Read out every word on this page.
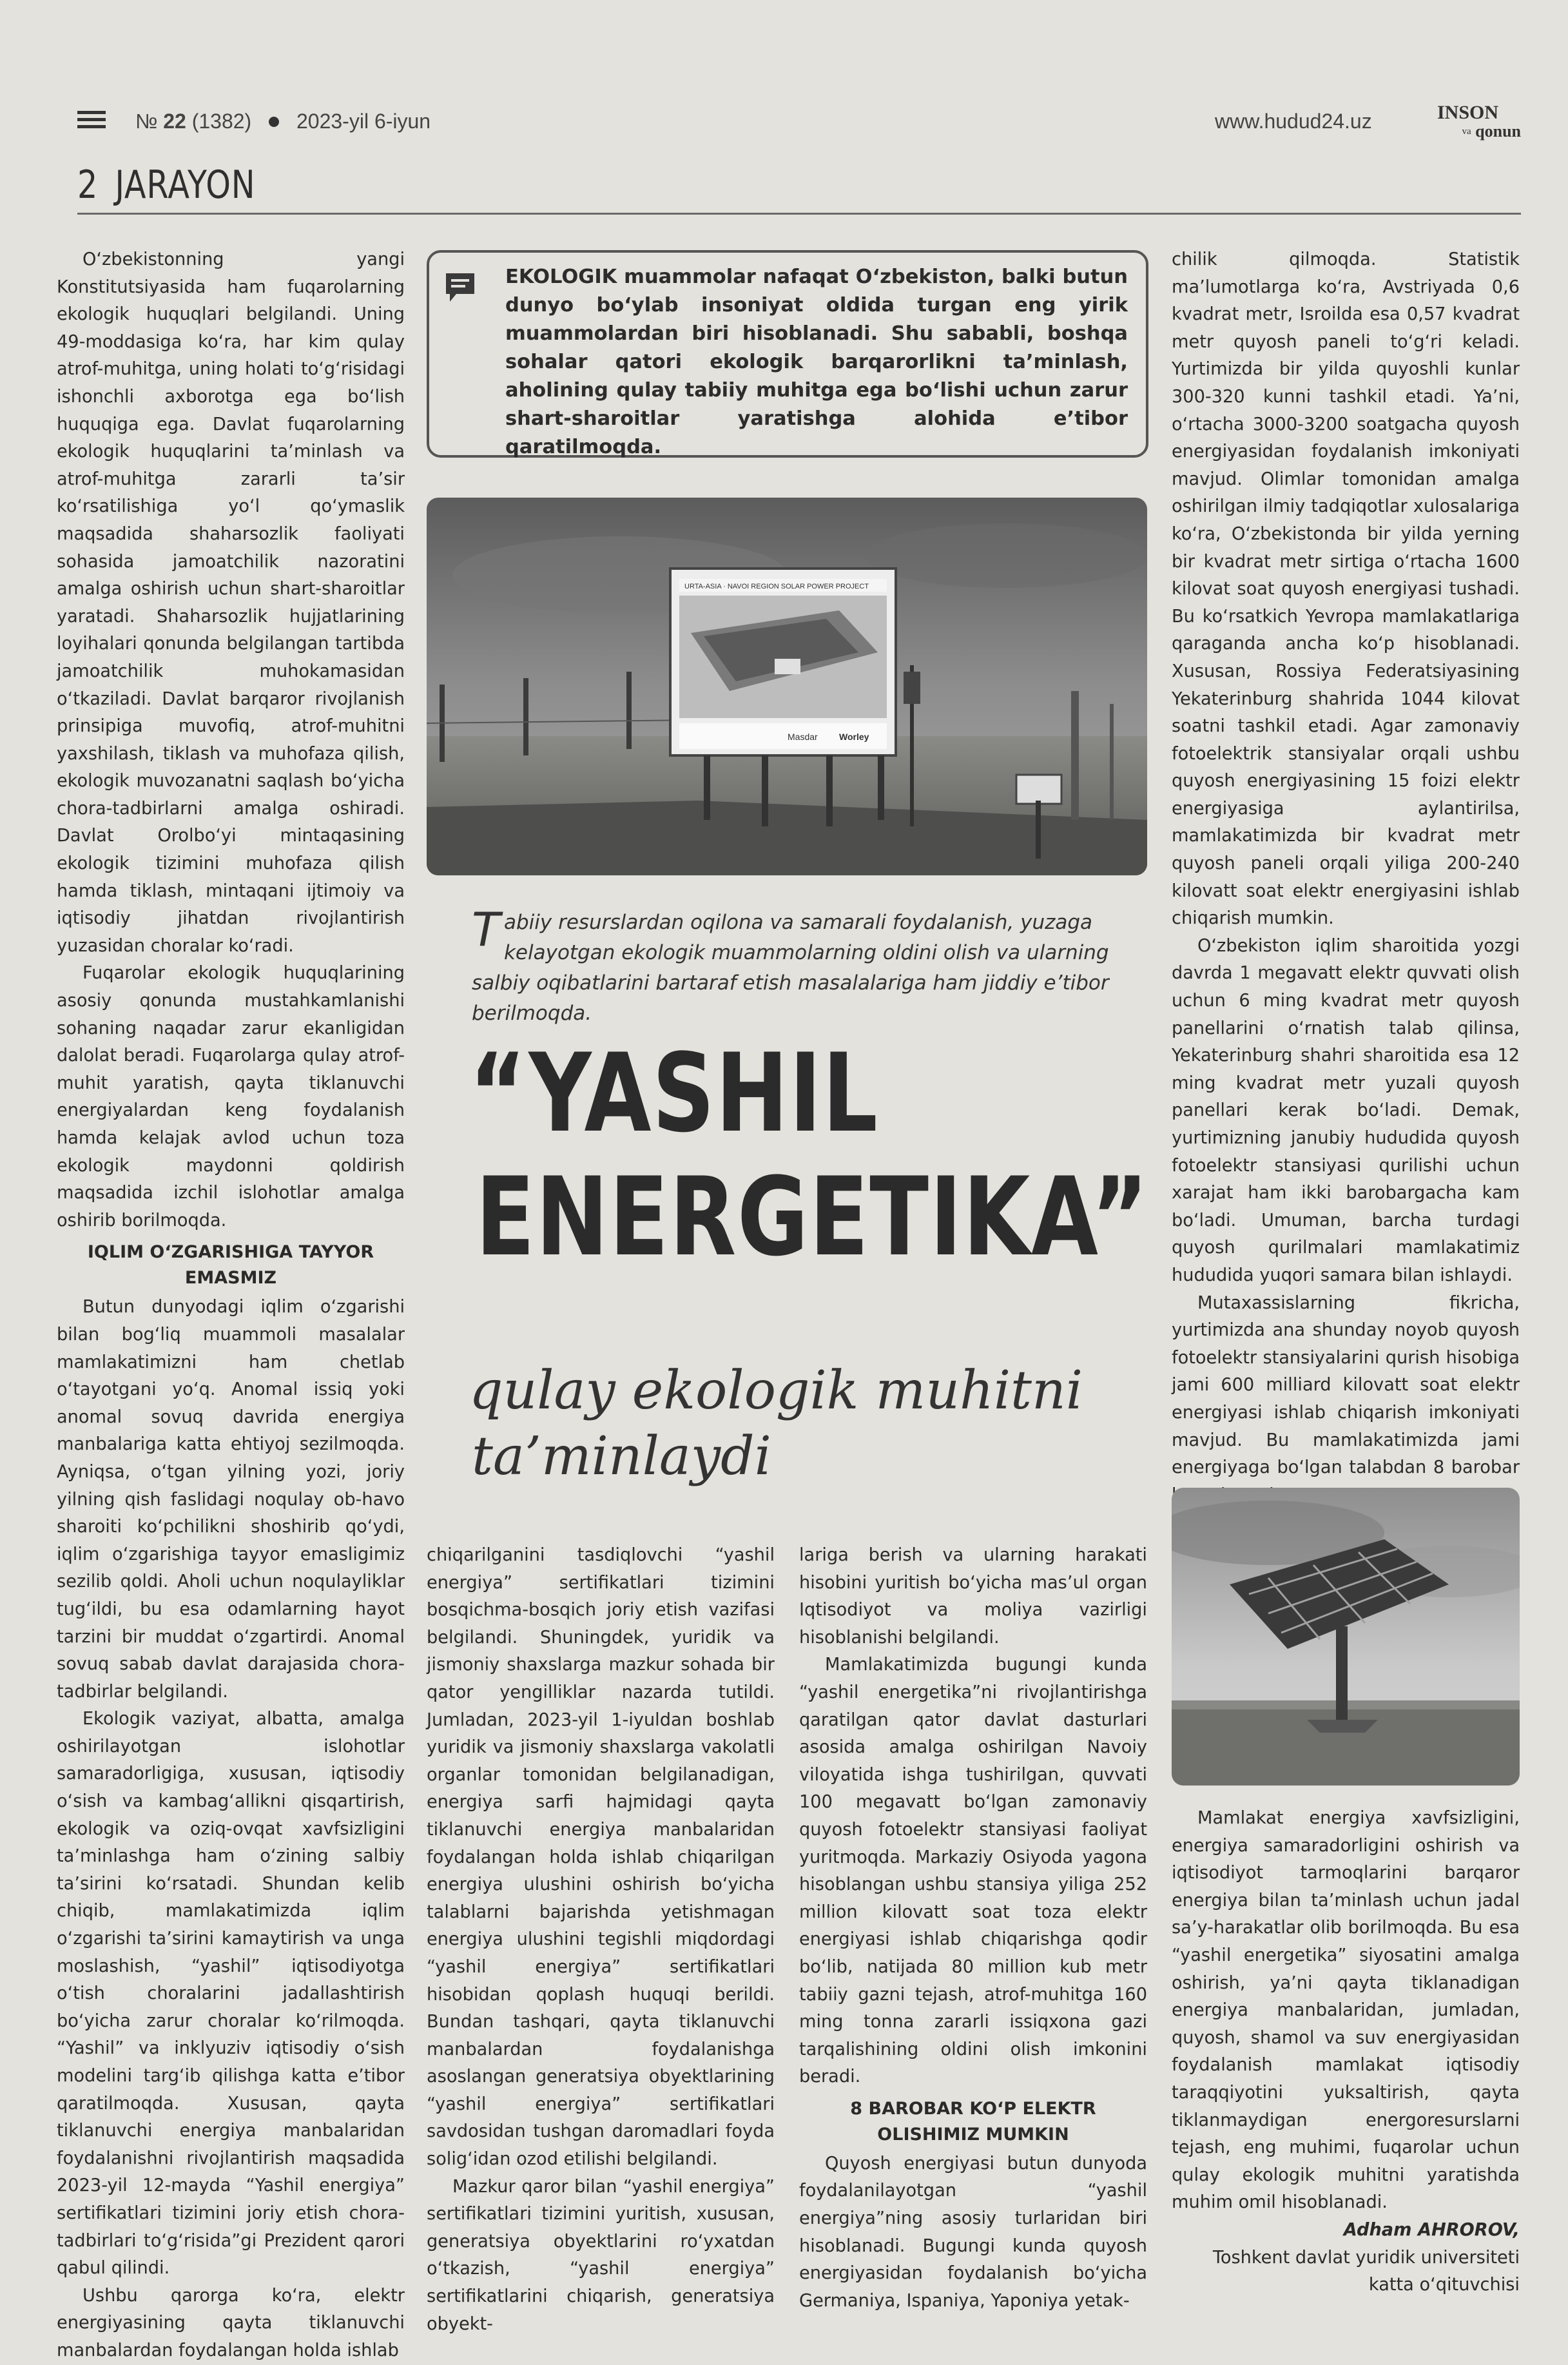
№ 22 (1382) 2023-yil 6-iyun	www.hudud24.uz	INSON
$^{va}$ qonun
2 JARAYON

O‘zbekistonning yangi Konstitutsiyasida ham fuqarolarning ekologik huquqlari belgilandi. Uning 49-moddasiga ko‘ra, har kim qulay atrof-muhitga, uning holati to‘g‘risidagi ishonchli axborotga ega bo‘lish huquqiga ega. Davlat fuqarolarning ekologik huquqlarini ta’minlash va atrof-muhitga zararli ta’sir ko‘rsatilishiga yo‘l qo‘ymaslik maqsadida shaharsozlik faoliyati sohasida jamoatchilik nazoratini amalga oshirish uchun shart-sharoitlar yaratadi. Shaharsozlik hujjatlarining loyihalari qonunda belgilangan tartibda jamoatchilik muhokamasidan o‘tkaziladi. Davlat barqaror rivojlanish prinsipiga muvofiq, atrof-muhitni yaxshilash, tiklash va muhofaza qilish, ekologik muvozanatni saqlash bo‘yicha chora-tadbirlarni amalga oshiradi. Davlat Orolbo‘yi mintaqasining ekologik tizimini muhofaza qilish hamda tiklash, mintaqani ijtimoiy va iqtisodiy jihatdan rivojlantirish yuzasidan choralar ko‘radi.

Fuqarolar ekologik huquqlarining asosiy qonunda mustahkamlanishi sohaning naqadar zarur ekanligidan dalolat beradi. Fuqarolarga qulay atrof-muhit yaratish, qayta tiklanuvchi energiyalardan keng foydalanish hamda kelajak avlod uchun toza ekologik maydonni qoldirish maqsadida izchil islohotlar amalga oshirib borilmoqda.

IQLIM O‘ZGARISHIGA TAYYOR EMASMIZ

Butun dunyodagi iqlim o‘zgarishi bilan bog‘liq muammoli masalalar mamlakatimizni ham chetlab o‘tayotgani yo‘q. Anomal issiq yoki anomal sovuq davrida energiya manbalariga katta ehtiyoj sezilmoqda. Ayniqsa, o‘tgan yilning yozi, joriy yilning qish faslidagi noqulay ob-havo sharoiti ko‘pchilikni shoshirib qo‘ydi, iqlim o‘zgarishiga tayyor emasligimiz sezilib qoldi. Aholi uchun noqulayliklar tug‘ildi, bu esa odamlarning hayot tarzini bir muddat o‘zgartirdi. Anomal sovuq sabab davlat darajasida chora-tadbirlar belgilandi.

Ekologik vaziyat, albatta, amalga oshirilayotgan islohotlar samaradorligiga, xususan, iqtisodiy o‘sish va kambag‘allikni qisqartirish, ekologik va oziq-ovqat xavfsizligini ta’minlashga ham o‘zining salbiy ta’sirini ko‘rsatadi. Shundan kelib chiqib, mamlakatimizda iqlim o‘zgarishi ta’sirini kamaytirish va unga moslashish, “yashil” iqtisodiyotga o‘tish choralarini jadallashtirish bo‘yicha zarur choralar ko‘rilmoqda. “Yashil” va inklyuziv iqtisodiy o‘sish modelini targ‘ib qilishga katta e’tibor qaratilmoqda. Xususan, qayta tiklanuvchi energiya manbalaridan foydalanishni rivojlantirish maqsadida 2023-yil 12-mayda “Yashil energiya” sertifikatlari tizimini joriy etish chora-tadbirlari to‘g‘risida”gi Prezident qarori qabul qilindi.

Ushbu qarorga ko‘ra, elektr energiyasining qayta tiklanuvchi manbalardan foydalangan holda ishlab

EKOLOGIK muammolar nafaqat O‘zbekiston, balki butun dunyo bo‘ylab insoniyat oldida turgan eng yirik muammolardan biri hisoblanadi. Shu sababli, boshqa sohalar qatori ekologik barqarorlikni ta’minlash, aholining qulay tabiiy muhitga ega bo‘lishi uchun zarur shart-sharoitlar yaratishga alohida e’tibor qaratilmoqda.
URTA-ASIA · NAVOI REGION SOLAR POWER PROJECT
Masdar Worley
T abiiy resurslardan oqilona va samarali foydalanish, yuzaga kelayotgan ekologik muammolarning oldini olish va ularning salbiy oqibatlarini bartaraf etish masalalariga ham jiddiy e’tibor berilmoqda.
“YASHIL
ENERGETIKA”
qulay ekologik muhitni
ta’minlaydi

chiqarilganini tasdiqlovchi “yashil energiya” sertifikatlari tizimini bosqichma-bosqich joriy etish vazifasi belgilandi. Shuningdek, yuridik va jismoniy shaxslarga mazkur sohada bir qator yengilliklar nazarda tutildi. Jumladan, 2023-yil 1-iyuldan boshlab yuridik va jismoniy shaxslarga vakolatli organlar tomonidan belgilanadigan, energiya sarfi hajmidagi qayta tiklanuvchi energiya manbalaridan foydalangan holda ishlab chiqarilgan energiya ulushini oshirish bo‘yicha talablarni bajarishda yetishmagan energiya ulushini tegishli miqdordagi “yashil energiya” sertifikatlari hisobidan qoplash huquqi berildi. Bundan tashqari, qayta tiklanuvchi manbalardan foydalanishga asoslangan generatsiya obyektlarining “yashil energiya” sertifikatlari savdosidan tushgan daromadlari foyda solig‘idan ozod etilishi belgilandi.

Mazkur qaror bilan “yashil energiya” sertifikatlari tizimini yuritish, xususan, generatsiya obyektlarini ro‘yxatdan o‘tkazish, “yashil energiya” sertifikatlarini chiqarish, generatsiya obyekt-

lariga berish va ularning harakati hisobini yuritish bo‘yicha mas’ul organ Iqtisodiyot va moliya vazirligi hisoblanishi belgilandi.

Mamlakatimizda bugungi kunda “yashil energetika”ni rivojlantirishga qaratilgan qator davlat dasturlari asosida amalga oshirilgan Navoiy viloyatida ishga tushirilgan, quvvati 100 megavatt bo‘lgan zamonaviy quyosh fotoelektr stansiyasi faoliyat yuritmoqda. Markaziy Osiyoda yagona hisoblangan ushbu stansiya yiliga 252 million kilovatt soat toza elektr energiyasi ishlab chiqarishga qodir bo‘lib, natijada 80 million kub metr tabiiy gazni tejash, atrof-muhitga 160 ming tonna zararli issiqxona gazi tarqalishining oldini olish imkonini beradi.

8 BAROBAR KO‘P ELEKTR OLISHIMIZ MUMKIN

Quyosh energiyasi butun dunyoda foydalanilayotgan “yashil energiya”ning asosiy turlaridan biri hisoblanadi. Bugungi kunda quyosh energiyasidan foydalanish bo‘yicha Germaniya, Ispaniya, Yaponiya yetak-

chilik qilmoqda. Statistik ma’lumotlarga ko‘ra, Avstriyada 0,6 kvadrat metr, Isroilda esa 0,57 kvadrat metr quyosh paneli to‘g‘ri keladi. Yurtimizda bir yilda quyoshli kunlar 300-320 kunni tashkil etadi. Ya’ni, o‘rtacha 3000-3200 soatgacha quyosh energiyasidan foydalanish imkoniyati mavjud. Olimlar tomonidan amalga oshirilgan ilmiy tadqiqotlar xulosalariga ko‘ra, O‘zbekistonda bir yilda yerning bir kvadrat metr sirtiga o‘rtacha 1600 kilovat soat quyosh energiyasi tushadi. Bu ko‘rsatkich Yevropa mamlakatlariga qaraganda ancha ko‘p hisoblanadi. Xususan, Rossiya Federatsiyasining Yekaterinburg shahrida 1044 kilovat soatni tashkil etadi. Agar zamonaviy fotoelektrik stansiyalar orqali ushbu quyosh energiyasining 15 foizi elektr energiyasiga aylantirilsa, mamlakatimizda bir kvadrat metr quyosh paneli orqali yiliga 200-240 kilovatt soat elektr energiyasini ishlab chiqarish mumkin.

O‘zbekiston iqlim sharoitida yozgi davrda 1 megavatt elektr quvvati olish uchun 6 ming kvadrat metr quyosh panellarini o‘rnatish talab qilinsa, Yekaterinburg shahri sharoitida esa 12 ming kvadrat metr yuzali quyosh panellari kerak bo‘ladi. Demak, yurtimizning janubiy hududida quyosh fotoelektr stansiyasi qurilishi uchun xarajat ham ikki barobargacha kam bo‘ladi. Umuman, barcha turdagi quyosh qurilmalari mamlakatimiz hududida yuqori samara bilan ishlaydi.

Mutaxassislarning fikricha, yurtimizda ana shunday noyob quyosh fotoelektr stansiyalarini qurish hisobiga jami 600 milliard kilovatt soat elektr energiyasi ishlab chiqarish imkoniyati mavjud. Bu mamlakatimizda jami energiyaga bo‘lgan talabdan 8 barobar

Mamlakat energiya xavfsizligini, energiya samaradorligini oshirish va iqtisodiyot tarmoqlarini barqaror energiya bilan ta’minlash uchun jadal sa’y-harakatlar olib borilmoqda. Bu esa “yashil energetika” siyosatini amalga oshirish, ya’ni qayta tiklanadigan energiya manbalaridan, jumladan, quyosh, shamol va suv energiyasidan foydalanish mamlakat iqtisodiy taraqqiyotini yuksaltirish, qayta tiklanmaydigan energoresurslarni tejash, eng muhimi, fuqarolar uchun qulay ekologik muhitni yaratishda muhim omil hisoblanadi.

Adham AHROROV,
Toshkent davlat yuridik universiteti
katta o‘qituvchisi
